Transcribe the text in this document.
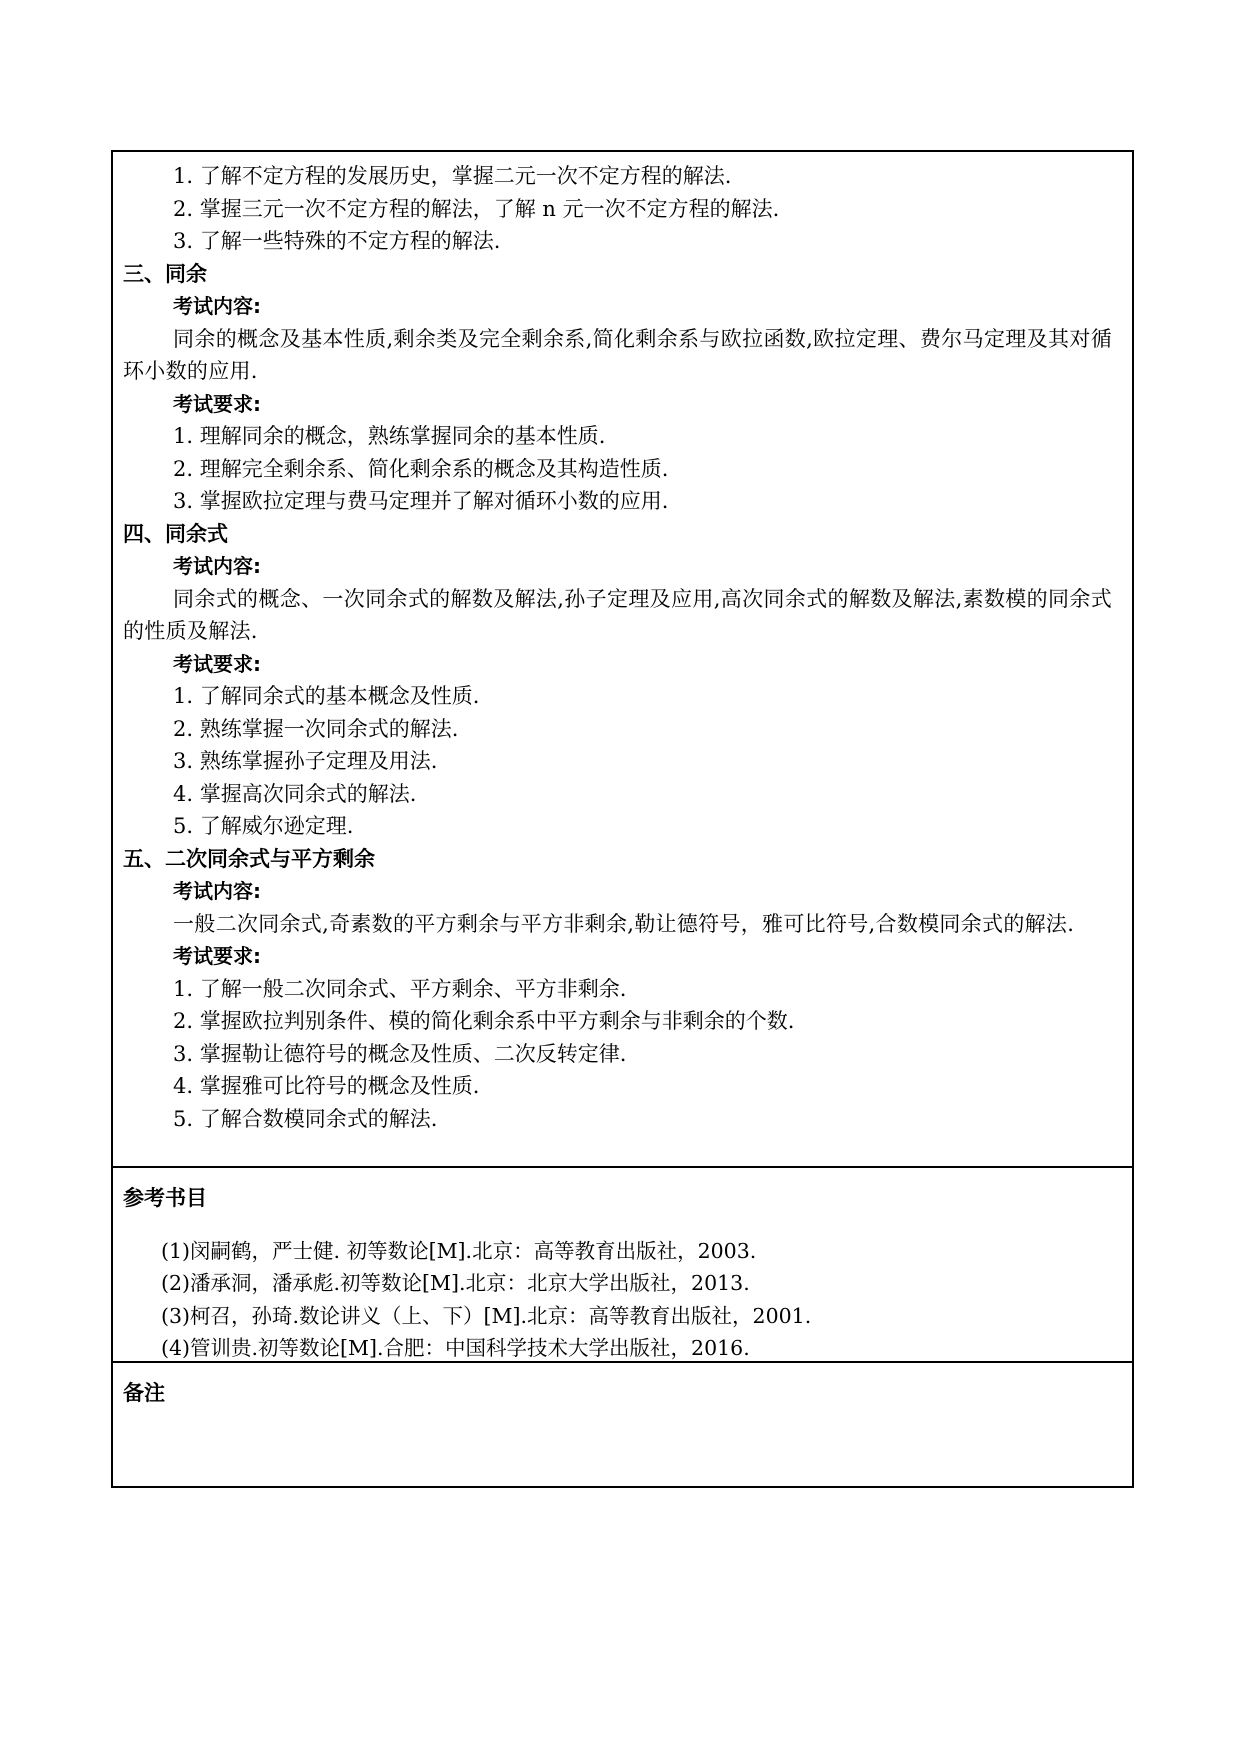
1. 了解不定方程的发展历史，掌握二元一次不定方程的解法.
2. 掌握三元一次不定方程的解法，了解 n 元一次不定方程的解法.
3. 了解一些特殊的不定方程的解法.
三、同余
考试内容:
同余的概念及基本性质,剩余类及完全剩余系,简化剩余系与欧拉函数,欧拉定理、费尔马定理及其对循环小数的应用.
考试要求:
1. 理解同余的概念，熟练掌握同余的基本性质.
2. 理解完全剩余系、简化剩余系的概念及其构造性质.
3. 掌握欧拉定理与费马定理并了解对循环小数的应用.
四、同余式
考试内容:
同余式的概念、一次同余式的解数及解法,孙子定理及应用,高次同余式的解数及解法,素数模的同余式的性质及解法.
考试要求:
1. 了解同余式的基本概念及性质.
2. 熟练掌握一次同余式的解法.
3. 熟练掌握孙子定理及用法.
4. 掌握高次同余式的解法.
5. 了解威尔逊定理.
五、二次同余式与平方剩余
考试内容:
一般二次同余式,奇素数的平方剩余与平方非剩余,勒让德符号，雅可比符号,合数模同余式的解法.
考试要求:
1. 了解一般二次同余式、平方剩余、平方非剩余.
2. 掌握欧拉判别条件、模的简化剩余系中平方剩余与非剩余的个数.
3. 掌握勒让德符号的概念及性质、二次反转定律.
4. 掌握雅可比符号的概念及性质.
5. 了解合数模同余式的解法.
参考书目
(1)闵嗣鹤，严士健. 初等数论[M].北京：高等教育出版社，2003.
(2)潘承洞，潘承彪.初等数论[M].北京：北京大学出版社，2013.
(3)柯召，孙琦.数论讲义（上、下）[M].北京：高等教育出版社，2001.
(4)管训贵.初等数论[M].合肥：中国科学技术大学出版社，2016.
备注
